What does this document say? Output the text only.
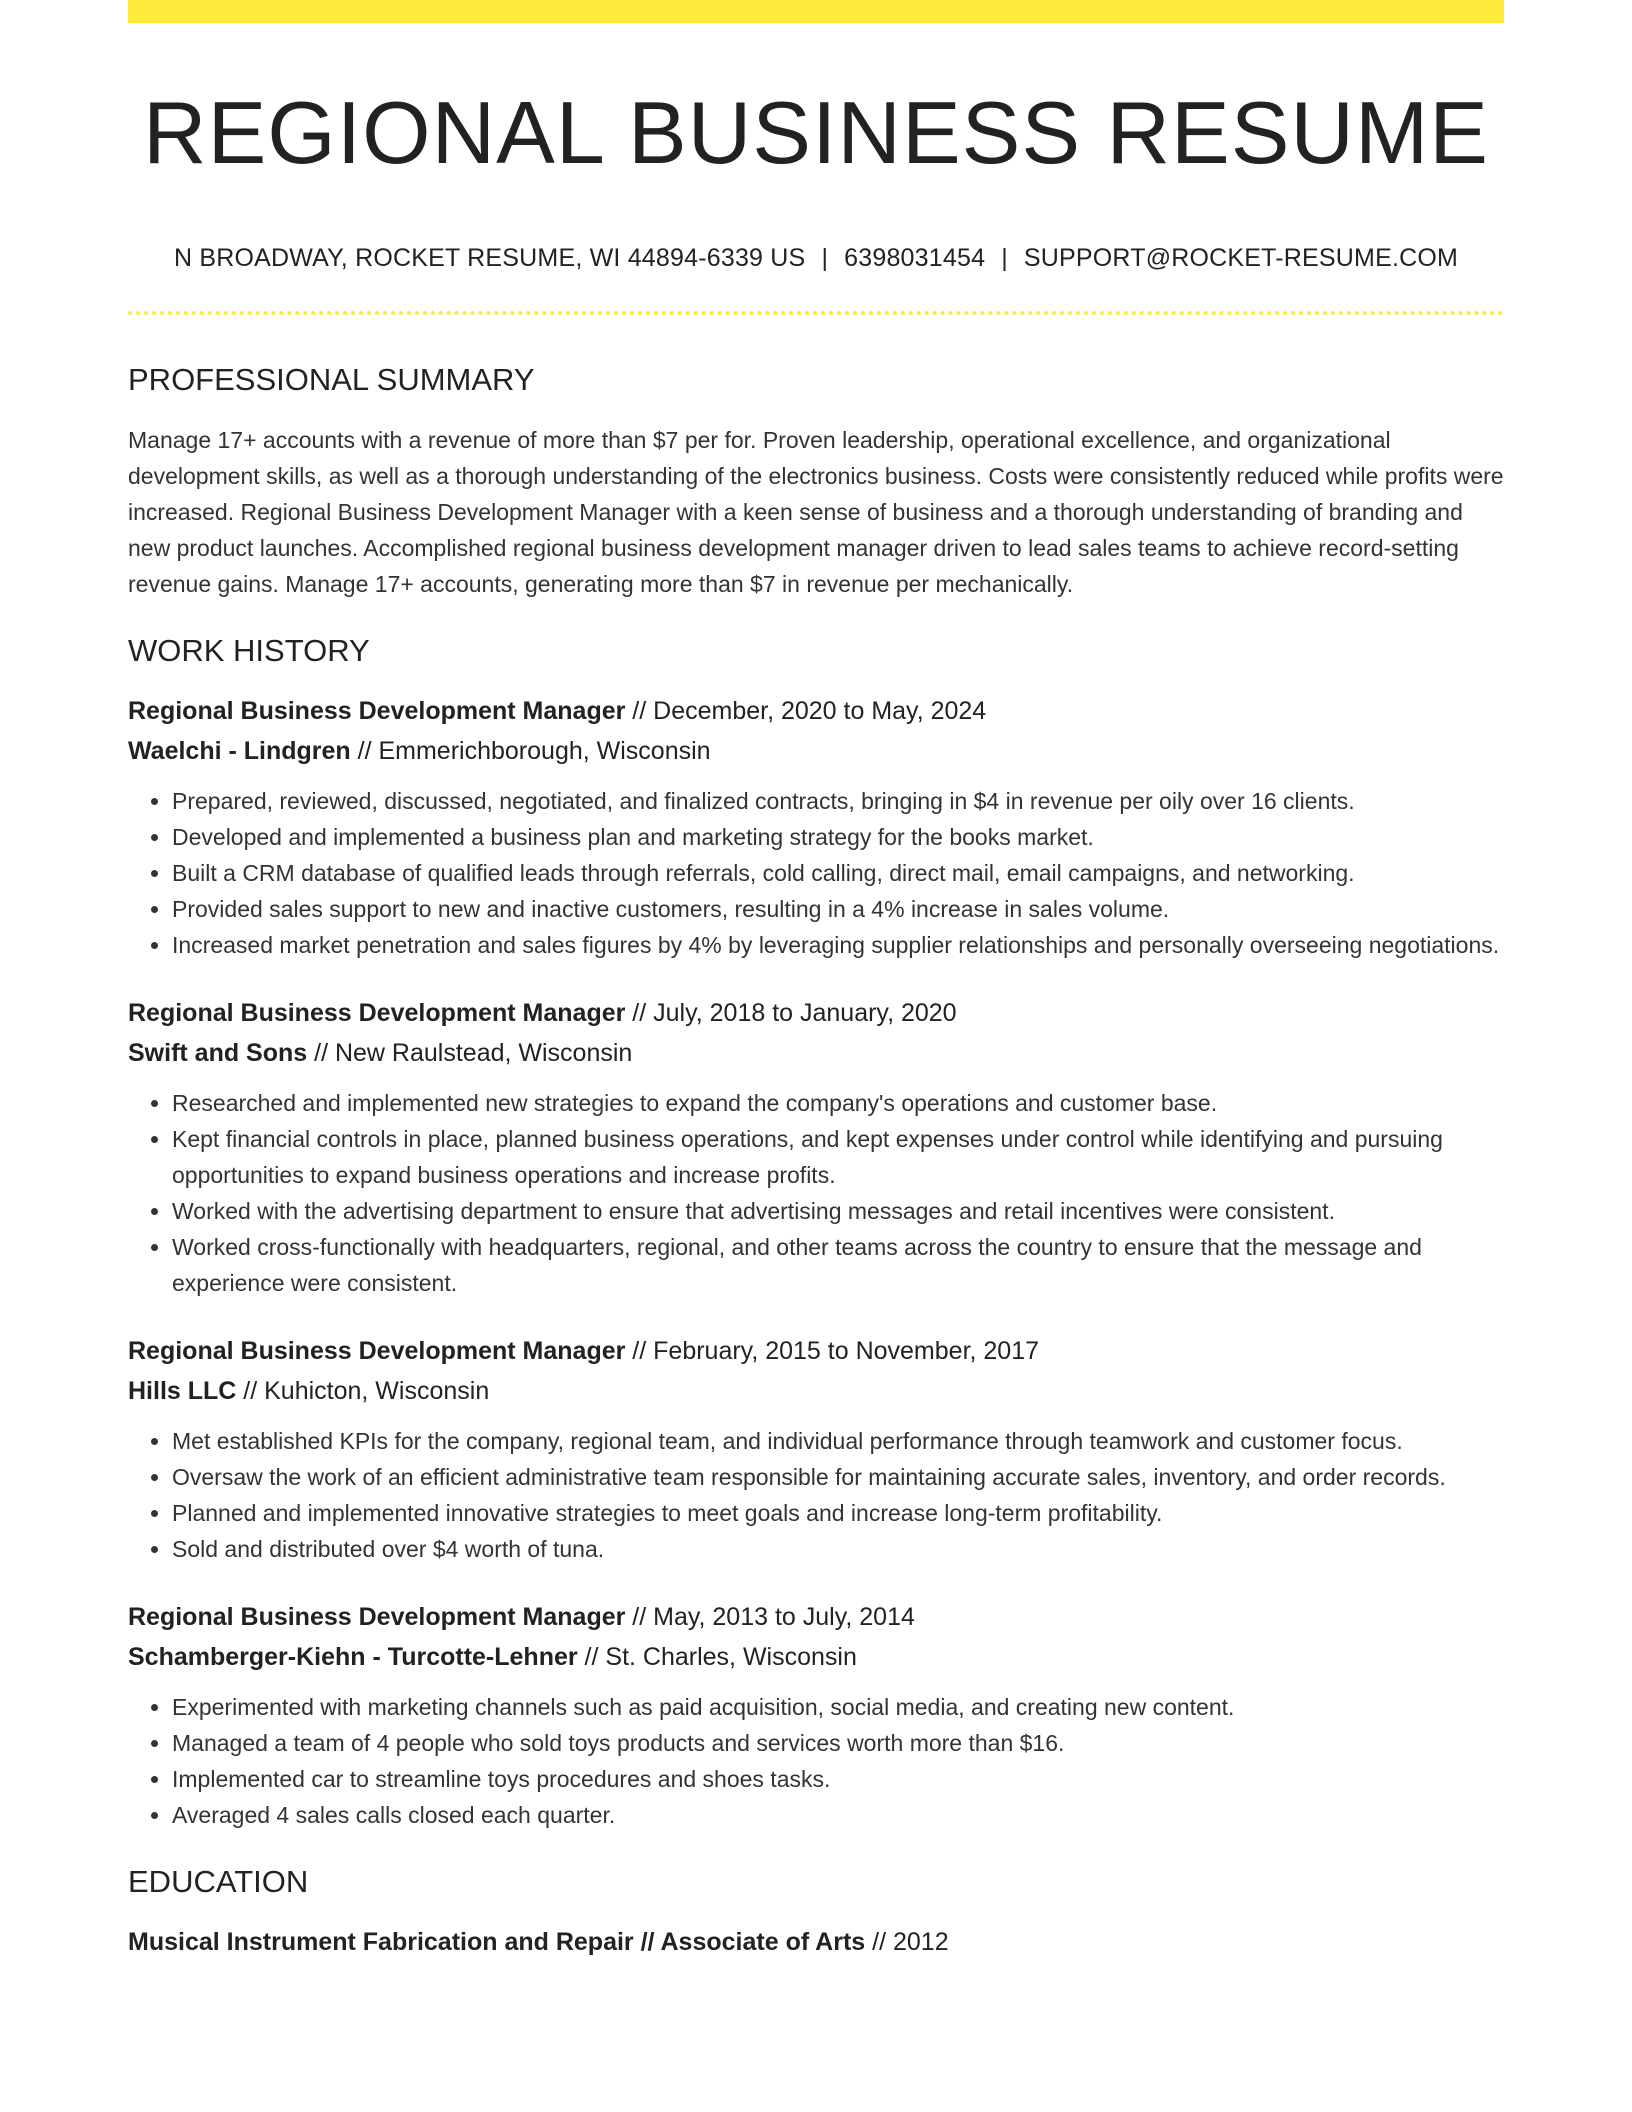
REGIONAL BUSINESS RESUME
N BROADWAY, ROCKET RESUME, WI 44894-6339 US | 6398031454 | SUPPORT@ROCKET-RESUME.COM
PROFESSIONAL SUMMARY
Manage 17+ accounts with a revenue of more than $7 per for. Proven leadership, operational excellence, and organizational development skills, as well as a thorough understanding of the electronics business. Costs were consistently reduced while profits were increased. Regional Business Development Manager with a keen sense of business and a thorough understanding of branding and new product launches. Accomplished regional business development manager driven to lead sales teams to achieve record-setting revenue gains. Manage 17+ accounts, generating more than $7 in revenue per mechanically.
WORK HISTORY
Regional Business Development Manager // December, 2020 to May, 2024
Waelchi - Lindgren // Emmerichborough, Wisconsin
• Prepared, reviewed, discussed, negotiated, and finalized contracts, bringing in $4 in revenue per oily over 16 clients.
• Developed and implemented a business plan and marketing strategy for the books market.
• Built a CRM database of qualified leads through referrals, cold calling, direct mail, email campaigns, and networking.
• Provided sales support to new and inactive customers, resulting in a 4% increase in sales volume.
• Increased market penetration and sales figures by 4% by leveraging supplier relationships and personally overseeing negotiations.
Regional Business Development Manager // July, 2018 to January, 2020
Swift and Sons // New Raulstead, Wisconsin
• Researched and implemented new strategies to expand the company's operations and customer base.
• Kept financial controls in place, planned business operations, and kept expenses under control while identifying and pursuing opportunities to expand business operations and increase profits.
• Worked with the advertising department to ensure that advertising messages and retail incentives were consistent.
• Worked cross-functionally with headquarters, regional, and other teams across the country to ensure that the message and experience were consistent.
Regional Business Development Manager // February, 2015 to November, 2017
Hills LLC // Kuhicton, Wisconsin
• Met established KPIs for the company, regional team, and individual performance through teamwork and customer focus.
• Oversaw the work of an efficient administrative team responsible for maintaining accurate sales, inventory, and order records.
• Planned and implemented innovative strategies to meet goals and increase long-term profitability.
• Sold and distributed over $4 worth of tuna.
Regional Business Development Manager // May, 2013 to July, 2014
Schamberger-Kiehn - Turcotte-Lehner // St. Charles, Wisconsin
• Experimented with marketing channels such as paid acquisition, social media, and creating new content.
• Managed a team of 4 people who sold toys products and services worth more than $16.
• Implemented car to streamline toys procedures and shoes tasks.
• Averaged 4 sales calls closed each quarter.
EDUCATION
Musical Instrument Fabrication and Repair // Associate of Arts // 2012
